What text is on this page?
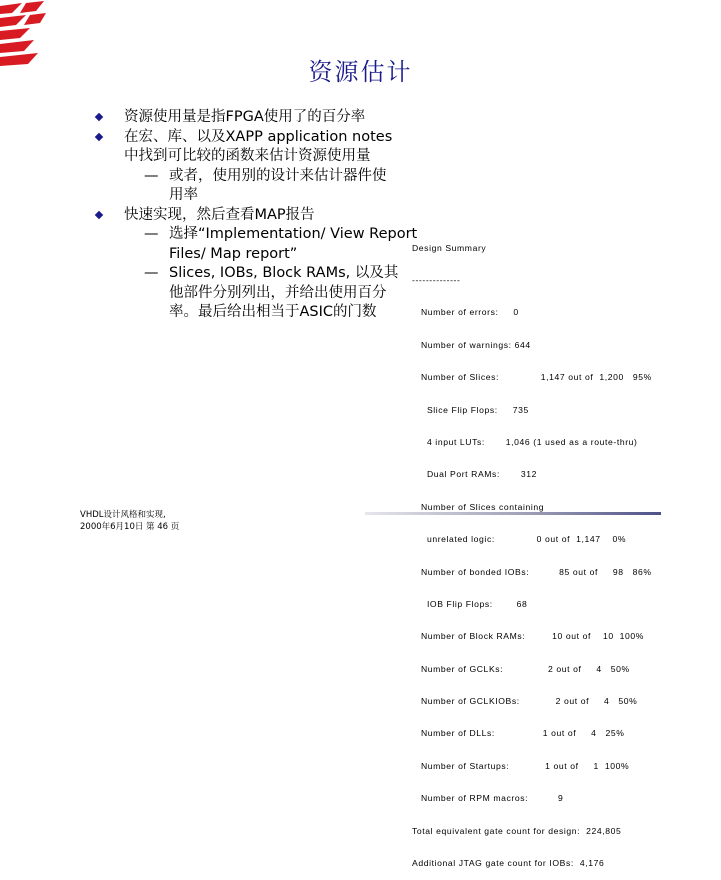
资源估计
资源使用量是指FPGA使用了的百分率
在宏、库、以及XAPP application notes
中找到可比较的函数来估计资源使用量
— 或者，使用别的设计来估计器件使
用率
快速实现，然后查看MAP报告
— 选择“Implementation/ View Report
Files/ Map report”
— Slices, IOBs, Block RAMs, 以及其
他部件分别列出，并给出使用百分
率。最后给出相当于ASIC的门数

Design Summary

--------------

Number of errors:     0

Number of warnings: 644

Number of Slices:              1,147 out of  1,200   95%

Slice Flip Flops:     735

4 input LUTs:       1,046 (1 used as a route-thru)

Dual Port RAMs:       312

Number of Slices containing

unrelated logic:              0 out of  1,147    0%

Number of bonded IOBs:          85 out of     98   86%

IOB Flip Flops:        68

Number of Block RAMs:         10 out of    10  100%

Number of GCLKs:               2 out of     4   50%

Number of GCLKIOBs:            2 out of     4   50%

Number of DLLs:                1 out of     4   25%

Number of Startups:            1 out of     1  100%

Number of RPM macros:          9

Total equivalent gate count for design:  224,805

Additional JTAG gate count for IOBs:  4,176

VHDL设计风格和实现,
2000年6月10日 第 46 页
